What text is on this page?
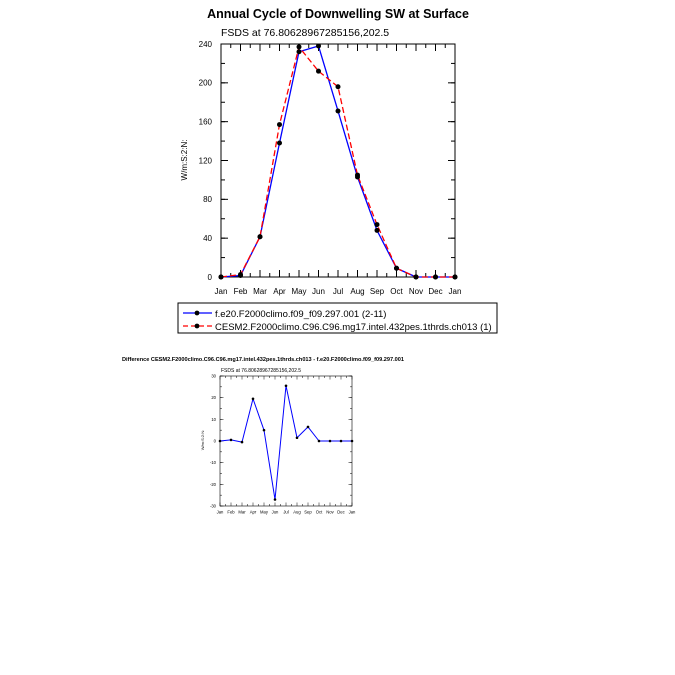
Annual Cycle of Downwelling SW at Surface
FSDS at 76.80628967285156,202.5
W/m:S:2:N:
Jan Feb Mar Apr May Jun Jul Aug Sep Oct Nov Dec Jan
0
40
80
120
160
200
240
f.e20.F2000climo.f09_f09.297.001 (2-11)
CESM2.F2000climo.C96.C96.mg17.intel.432pes.1thrds.ch013 (1)
Difference CESM2.F2000climo.C96.C96.mg17.intel.432pes.1thrds.ch013 - f.e20.F2000climo.f09_f09.297.001
FSDS at 76.80628967285156,202.5
W/m:S:2:N:
Jan Feb Mar Apr May Jun Jul Aug Sep Oct Nov Dec Jan
30
20
10
0
-10
-20
-30
